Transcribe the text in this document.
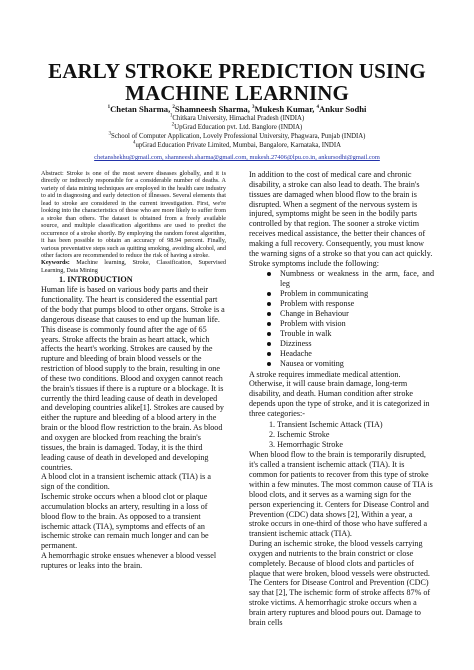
EARLY STROKE PREDICTION USING
MACHINE LEARNING
$^1$Chetan Sharma, $^2$Shamneesh Sharma, $^3$Mukesh Kumar, $^4$Ankur Sodhi
$^1$Chitkara University, Himachal Pradesh (INDIA)
$^2$UpGrad Education pvt. Ltd. Banglore (INDIA)
$^3$School of Computer Application, Lovely Professional University, Phagwara, Punjab (INDIA)
$^4$upGrad Education Private Limited, Mumbai, Bangalore, Karnataka, INDIA
chetanshekhu@gmail.com, shamneesh.sharma@gmail.com, mukesh.27406@lpu.co.in, ankursodhi@gmail.com

Abstract: Stroke is one of the most severe diseases globally, and it is directly or indirectly responsible for a considerable number of deaths. A variety of data mining techniques are employed in the health care industry to aid in diagnosing and early detection of illnesses. Several elements that lead to stroke are considered in the current investigation. First, we're looking into the characteristics of those who are more likely to suffer from a stroke than others. The dataset is obtained from a freely available source, and multiple classification algorithms are used to predict the occurrence of a stroke shortly. By employing the random forest algorithm, it has been possible to obtain an accuracy of 98.94 percent. Finally, various preventative steps such as quitting smoking, avoiding alcohol, and other factors are recommended to reduce the risk of having a stroke.

Keywords: Machine learning, Stroke, Classification, Supervised Learning, Data Mining

1. INTRODUCTION

Human life is based on various body parts and their functionality. The heart is considered the essential part of the body that pumps blood to other organs. Stroke is a dangerous disease that causes to end up the human life. This disease is commonly found after the age of 65 years. Stroke affects the brain as heart attack, which affects the heart's working. Strokes are caused by the rupture and bleeding of brain blood vessels or the restriction of blood supply to the brain, resulting in one of these two conditions. Blood and oxygen cannot reach the brain's tissues if there is a rupture or a blockage. It is currently the third leading cause of death in developed and developing countries alike[1]. Strokes are caused by either the rupture and bleeding of a blood artery in the brain or the blood flow restriction to the brain. As blood and oxygen are blocked from reaching the brain's tissues, the brain is damaged. Today, it is the third leading cause of death in developed and developing countries.

A blood clot in a transient ischemic attack (TIA) is a sign of the condition.

Ischemic stroke occurs when a blood clot or plaque accumulation blocks an artery, resulting in a loss of blood flow to the brain. As opposed to a transient ischemic attack (TIA), symptoms and effects of an ischemic stroke can remain much longer and can be permanent.

A hemorrhagic stroke ensues whenever a blood vessel ruptures or leaks into the brain.

In addition to the cost of medical care and chronic disability, a stroke can also lead to death. The brain's tissues are damaged when blood flow to the brain is disrupted. When a segment of the nervous system is injured, symptoms might be seen in the bodily parts controlled by that region. The sooner a stroke victim receives medical assistance, the better their chances of making a full recovery. Consequently, you must know the warning signs of a stroke so that you can act quickly. Stroke symptoms include the following:

Numbness or weakness in the arm, face, and leg
Problem in communicating
Problem with response
Change in Behaviour
Problem with vision
Trouble in walk
Dizziness
Headache
Nausea or vomiting

A stroke requires immediate medical attention. Otherwise, it will cause brain damage, long-term disability, and death. Human condition after stroke depends upon the type of stroke, and it is categorized in three categories:-

1. Transient Ischemic Attack (TIA)
2. Ischemic Stroke
3. Hemorrhagic Stroke

When blood flow to the brain is temporarily disrupted, it's called a transient ischemic attack (TIA). It is common for patients to recover from this type of stroke within a few minutes. The most common cause of TIA is blood clots, and it serves as a warning sign for the person experiencing it. Centers for Disease Control and Prevention (CDC) data shows [2], Within a year, a stroke occurs in one-third of those who have suffered a transient ischemic attack (TIA).

During an ischemic stroke, the blood vessels carrying oxygen and nutrients to the brain constrict or close completely. Because of blood clots and particles of plaque that were broken, blood vessels were obstructed. The Centers for Disease Control and Prevention (CDC) say that [2], The ischemic form of stroke affects 87% of stroke victims. A hemorrhagic stroke occurs when a brain artery ruptures and blood pours out. Damage to brain cells
